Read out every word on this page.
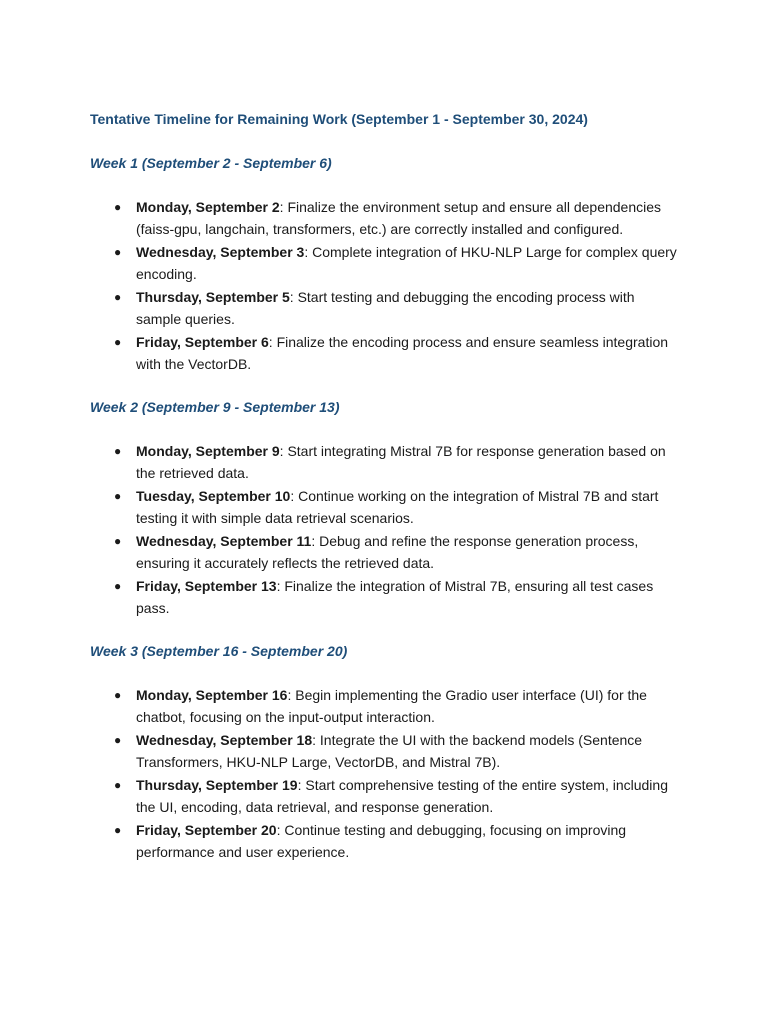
Tentative Timeline for Remaining Work (September 1 - September 30, 2024)

Week 1 (September 2 - September 6)

● Monday, September 2: Finalize the environment setup and ensure all dependencies (faiss-gpu, langchain, transformers, etc.) are correctly installed and configured.
● Wednesday, September 3: Complete integration of HKU-NLP Large for complex query encoding.
● Thursday, September 5: Start testing and debugging the encoding process with sample queries.
● Friday, September 6: Finalize the encoding process and ensure seamless integration with the VectorDB.

Week 2 (September 9 - September 13)

● Monday, September 9: Start integrating Mistral 7B for response generation based on the retrieved data.
● Tuesday, September 10: Continue working on the integration of Mistral 7B and start testing it with simple data retrieval scenarios.
● Wednesday, September 11: Debug and refine the response generation process, ensuring it accurately reflects the retrieved data.
● Friday, September 13: Finalize the integration of Mistral 7B, ensuring all test cases pass.

Week 3 (September 16 - September 20)

● Monday, September 16: Begin implementing the Gradio user interface (UI) for the chatbot, focusing on the input-output interaction.
● Wednesday, September 18: Integrate the UI with the backend models (Sentence Transformers, HKU-NLP Large, VectorDB, and Mistral 7B).
● Thursday, September 19: Start comprehensive testing of the entire system, including the UI, encoding, data retrieval, and response generation.
● Friday, September 20: Continue testing and debugging, focusing on improving performance and user experience.
